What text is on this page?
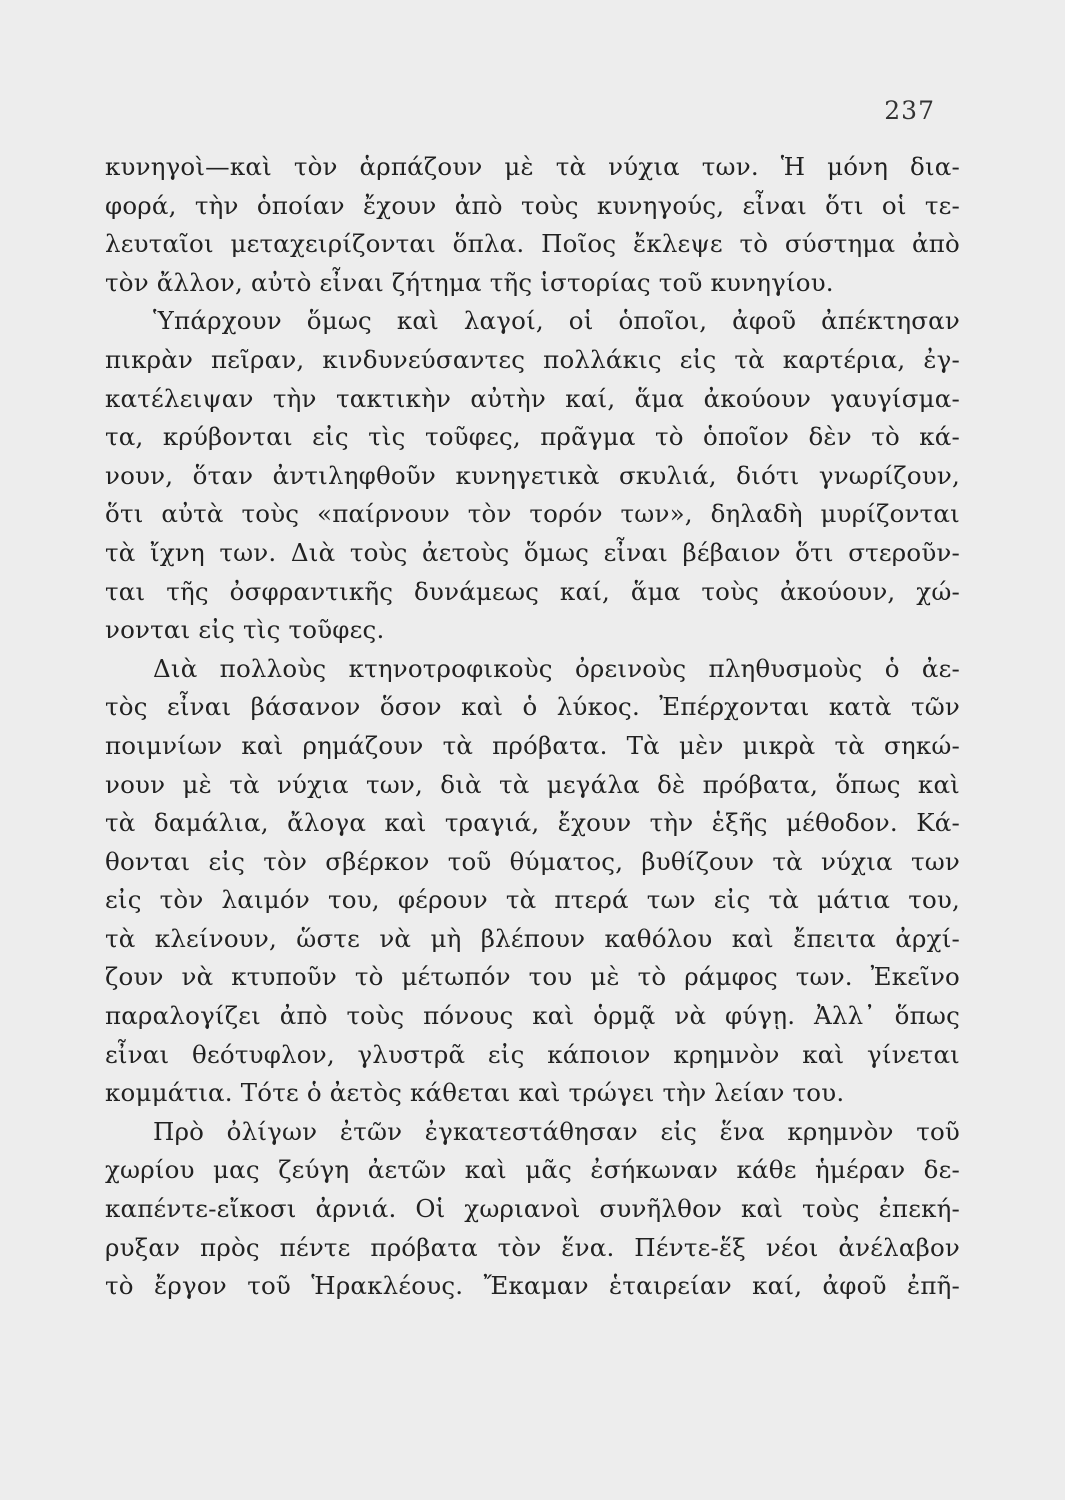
237
κυνηγοὶ—καὶ τὸν ἁρπάζουν μὲ τὰ νύχια των. Ἡ μόνη δια-
φορά, τὴν ὁποίαν ἔχουν ἀπὸ τοὺς κυνηγούς, εἶναι ὅτι οἱ τε-
λευταῖοι μεταχειρίζονται ὅπλα. Ποῖος ἔκλεψε τὸ σύστημα ἀπὸ
τὸν ἄλλον, αὐτὸ εἶναι ζήτημα τῆς ἱστορίας τοῦ κυνηγίου.
Ὑπάρχουν ὅμως καὶ λαγοί, οἱ ὁποῖοι, ἀφοῦ ἀπέκτησαν
πικρὰν πεῖραν, κινδυνεύσαντες πολλάκις εἰς τὰ καρτέρια, ἐγ-
κατέλειψαν τὴν τακτικὴν αὐτὴν καί, ἅμα ἀκούουν γαυγίσμα-
τα, κρύβονται εἰς τὶς τοῦφες, πρᾶγμα τὸ ὁποῖον δὲν τὸ κά-
νουν, ὅταν ἀντιληφθοῦν κυνηγετικὰ σκυλιά, διότι γνωρίζουν,
ὅτι αὐτὰ τοὺς «παίρνουν τὸν τορόν των», δηλαδὴ μυρίζονται
τὰ ἴχνη των. Διὰ τοὺς ἀετοὺς ὅμως εἶναι βέβαιον ὅτι στεροῦν-
ται τῆς ὀσφραντικῆς δυνάμεως καί, ἅμα τοὺς ἀκούουν, χώ-
νονται εἰς τὶς τοῦφες.
Διὰ πολλοὺς κτηνοτροφικοὺς ὀρεινοὺς πληθυσμοὺς ὁ ἀε-
τὸς εἶναι βάσανον ὅσον καὶ ὁ λύκος. Ἐπέρχονται κατὰ τῶν
ποιμνίων καὶ ρημάζουν τὰ πρόβατα. Τὰ μὲν μικρὰ τὰ σηκώ-
νουν μὲ τὰ νύχια των, διὰ τὰ μεγάλα δὲ πρόβατα, ὅπως καὶ
τὰ δαμάλια, ἄλογα καὶ τραγιά, ἔχουν τὴν ἑξῆς μέθοδον. Κά-
θονται εἰς τὸν σβέρκον τοῦ θύματος, βυθίζουν τὰ νύχια των
εἰς τὸν λαιμόν του, φέρουν τὰ πτερά των εἰς τὰ μάτια του,
τὰ κλείνουν, ὥστε νὰ μὴ βλέπουν καθόλου καὶ ἔπειτα ἀρχί-
ζουν νὰ κτυποῦν τὸ μέτωπόν του μὲ τὸ ράμφος των. Ἐκεῖνο
παραλογίζει ἀπὸ τοὺς πόνους καὶ ὁρμᾷ νὰ φύγῃ. Ἀλλ᾽ ὅπως
εἶναι θεότυφλον, γλυστρᾶ εἰς κάποιον κρημνὸν καὶ γίνεται
κομμάτια. Τότε ὁ ἀετὸς κάθεται καὶ τρώγει τὴν λείαν του.
Πρὸ ὀλίγων ἐτῶν ἐγκατεστάθησαν εἰς ἕνα κρημνὸν τοῦ
χωρίου μας ζεύγη ἀετῶν καὶ μᾶς ἐσήκωναν κάθε ἡμέραν δε-
καπέντε-εἴκοσι ἀρνιά. Οἱ χωριανοὶ συνῆλθον καὶ τοὺς ἐπεκή-
ρυξαν πρὸς πέντε πρόβατα τὸν ἕνα. Πέντε-ἕξ νέοι ἀνέλαβον
τὸ ἔργον τοῦ Ἡρακλέους. Ἔκαμαν ἑταιρείαν καί, ἀφοῦ ἐπῆ-
